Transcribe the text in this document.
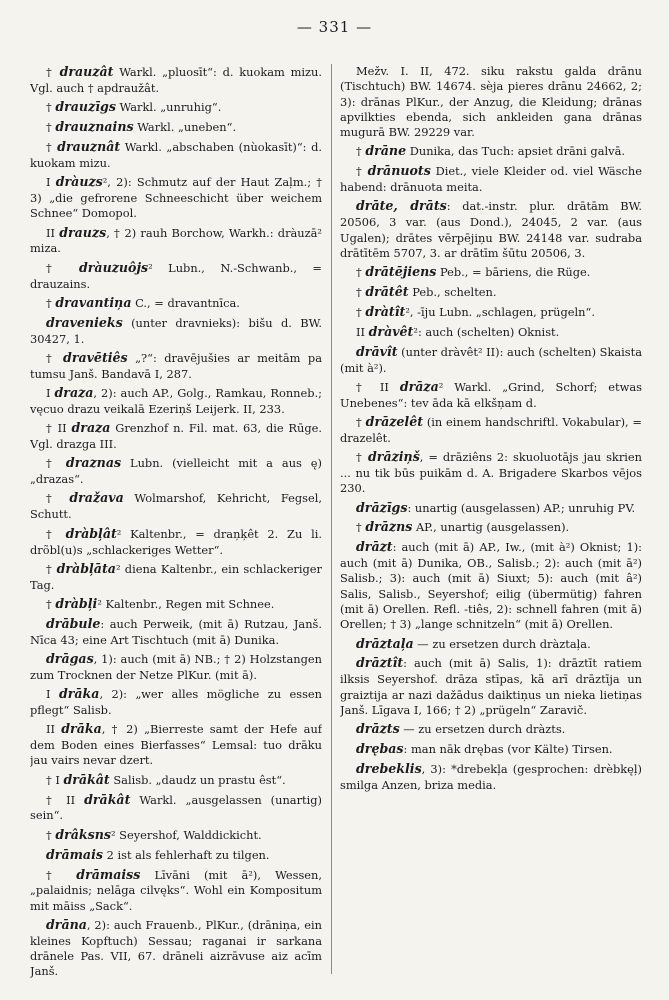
— 331 —

† drauzât Warkl. „pluosīt“: d. kuokam mizu. Vgl. auch † apdraužât.

† drauzīgs Warkl. „unruhig“.

† drauznains Warkl. „uneben“.

† drauznât Warkl. „abschaben (nùokasīt)“: d. kuokam mizu.

I dràuzs², 2): Schmutz auf der Haut Zaļm.; † 3) „die gefrorene Schneeschicht über weichem Schnee“ Domopol.

II drauzs, † 2) rauh Borchow, Warkh.: dràuzā² miza.

† dràuzuôjs² Lubn., N.-Schwanb., = drauzains.

† dravantiņa C., = dravantnīca.

dravenieks (unter dravnieks): bišu d. BW. 30427, 1.

† dravētiês „?“: dravējušies ar meitām pa tumsu Janš. Bandavā I, 287.

I draza, 2): auch AP., Golg., Ramkau, Ronneb.; vęcuo drazu veikalā Ezeriņš Leijerk. II, 233.

† II draza Grenzhof n. Fil. mat. 63, die Rūge. Vgl. drazga III.

† draznas Lubn. (vielleicht mit a aus ę) „drazas“.

† dražava Wolmarshof, Kehricht, Fegsel, Schutt.

† dràbļât² Kaltenbr., = draņķêt 2. Zu li. drõbl(u)s „schlackeriges Wetter“.

† dràbļāta² diena Kaltenbr., ein schlackeriger Tag.

† dràbļi² Kaltenbr., Regen mit Schnee.

drābule: auch Perweik, (mit ā) Rutzau, Janš. Nīca 43; eine Art Tischtuch (mit ā) Dunika.

drāgas, 1): auch (mit ā) NB.; † 2) Holzstangen zum Trocknen der Netze PlKur. (mit ā).

I drāka, 2): „wer alles mögliche zu essen pflegt“ Salisb.

II drāka, † 2) „Bierreste samt der Hefe auf dem Boden eines Bierfasses“ Lemsal: tuo drāku jau vairs nevar dzert.

† I drākât Salisb. „daudz un prastu êst“.

† II drākât Warkl. „ausgelassen (unartig) sein“.

† drâksns² Seyershof, Walddickicht.

drāmais 2 ist als fehlerhaft zu tilgen.

† drāmaiss Līvāni (mit ā²), Wessen, „palaidnis; nelāga cilvęks“. Wohl ein Kompositum mit māiss „Sack“.

drāna, 2): auch Frauenb., PlKur., (drāniņa, ein kleines Kopftuch) Sessau; raganai ir sarkana drānele Pas. VII, 67. drāneli aizrāvuse aiz acīm Janš.

Mežv. I. II, 472. siku rakstu galda drānu (Tischtuch) BW. 14674. sèja pieres drānu 24662, 2; 3): drānas PlKur., der Anzug, die Kleidung; drānas apvilkties ebenda, sich ankleiden gana drānas mugurā BW. 29229 var.

† drāne Dunika, das Tuch: apsiet drāni galvā.

† drānuots Diet., viele Kleider od. viel Wäsche habend: drānuota meita.

drāte, drāts: dat.-instr. plur. drātām BW. 20506, 3 var. (aus Dond.), 24045, 2 var. (aus Ugalen); drātes vērpējiņu BW. 24148 var. sudraba drātītēm 5707, 3. ar drātīm šūtu 20506, 3.

† drātējiens Peb., = bāriens, die Rüge.

† drātêt Peb., schelten.

† dràtît², -īju Lubn. „schlagen, prügeln“.

II dràvêt²: auch (schelten) Oknist.

drāvît (unter dràvêt² II): auch (schelten) Skaista (mit à²).

† II drāza² Warkl. „Grind, Schorf; etwas Unebenes“: tev āda kā elkšņam d.

† drāzelêt (in einem handschriftl. Vokabular), = drazelêt.

† drāziņš, = drāziêns 2: skuoluotājs jau skrien ... nu tik būs puikām d. A. Brigadere Skarbos vējos 230.

drāzīgs: unartig (ausgelassen) AP.; unruhig PV.

† drāzns AP., unartig (ausgelassen).

drāzt: auch (mit ā) AP., Iw., (mit à²) Oknist; 1): auch (mit ā) Dunika, OB., Salisb.; 2): auch (mit ā²) Salisb.; 3): auch (mit ā) Siuxt; 5): auch (mit â²) Salis, Salisb., Seyershof; eilig (übermütig) fahren (mit ā) Orellen. Refl. -tiês, 2): schnell fahren (mit ā) Orellen; † 3) „lange schnitzeln“ (mit ā) Orellen.

drāztaļa — zu ersetzen durch dràztaļa.

drāztît: auch (mit ā) Salis, 1): drāztīt ratiem ilksis Seyershof. drāza stīpas, kā arī drāztīja un graiztija ar nazi dažādus daiktiņus un nieka lietiņas Janš. Līgava I, 166; † 2) „prügeln“ Zaravič.

drāzts — zu ersetzen durch dràzts.

drębas: man nāk drębas (vor Kälte) Tirsen.

drebeklis, 3): *drebekļa (gesprochen: drèbkęļ) smilga Anzen, briza media.
